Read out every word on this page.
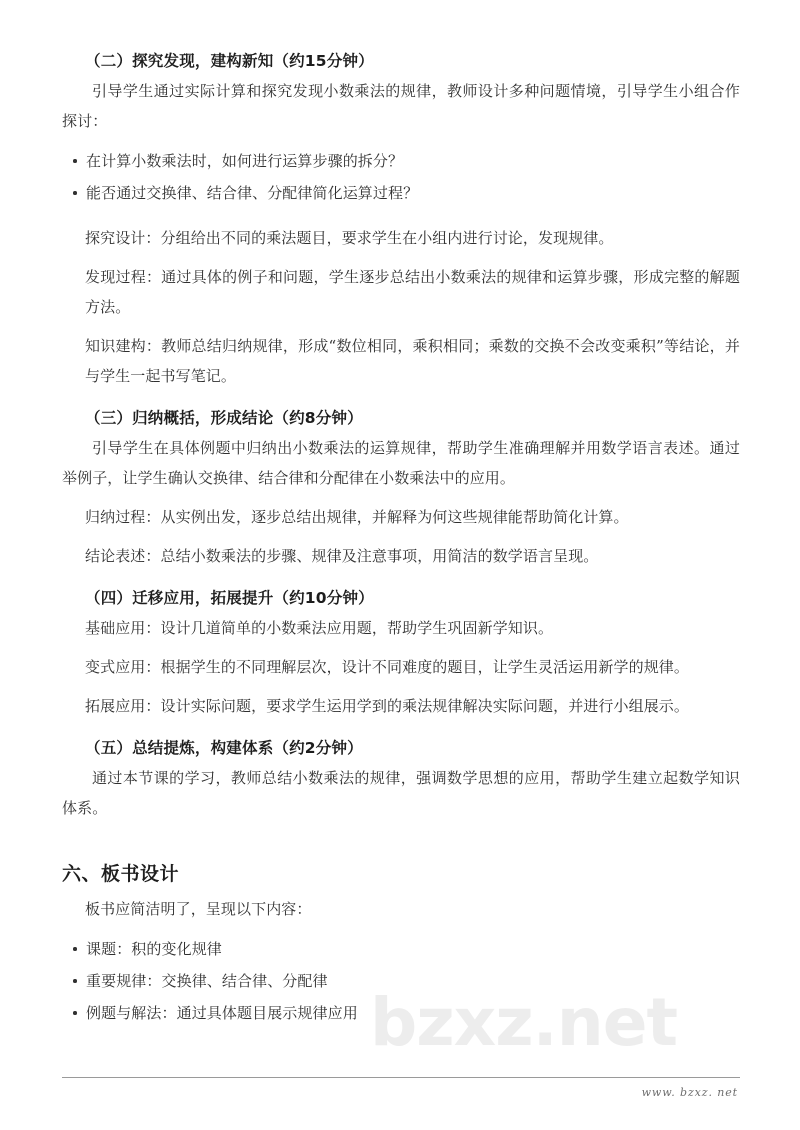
（二）探究发现，建构新知（约15分钟）

引导学生通过实际计算和探究发现小数乘法的规律，教师设计多种问题情境，引导学生小组合作探讨：

在计算小数乘法时，如何进行运算步骤的拆分？
能否通过交换律、结合律、分配律简化运算过程？

探究设计：分组给出不同的乘法题目，要求学生在小组内进行讨论，发现规律。

发现过程：通过具体的例子和问题，学生逐步总结出小数乘法的规律和运算步骤，形成完整的解题方法。

知识建构：教师总结归纳规律，形成“数位相同，乘积相同；乘数的交换不会改变乘积”等结论，并与学生一起书写笔记。

（三）归纳概括，形成结论（约8分钟）

引导学生在具体例题中归纳出小数乘法的运算规律，帮助学生准确理解并用数学语言表述。通过举例子，让学生确认交换律、结合律和分配律在小数乘法中的应用。

归纳过程：从实例出发，逐步总结出规律，并解释为何这些规律能帮助简化计算。

结论表述：总结小数乘法的步骤、规律及注意事项，用简洁的数学语言呈现。

（四）迁移应用，拓展提升（约10分钟）

基础应用：设计几道简单的小数乘法应用题，帮助学生巩固新学知识。

变式应用：根据学生的不同理解层次，设计不同难度的题目，让学生灵活运用新学的规律。

拓展应用：设计实际问题，要求学生运用学到的乘法规律解决实际问题，并进行小组展示。

（五）总结提炼，构建体系（约2分钟）

通过本节课的学习，教师总结小数乘法的规律，强调数学思想的应用，帮助学生建立起数学知识体系。

六、板书设计

板书应简洁明了，呈现以下内容：

课题：积的变化规律
重要规律：交换律、结合律、分配律
例题与解法：通过具体题目展示规律应用 bzxz.net
www. bzxz. net
